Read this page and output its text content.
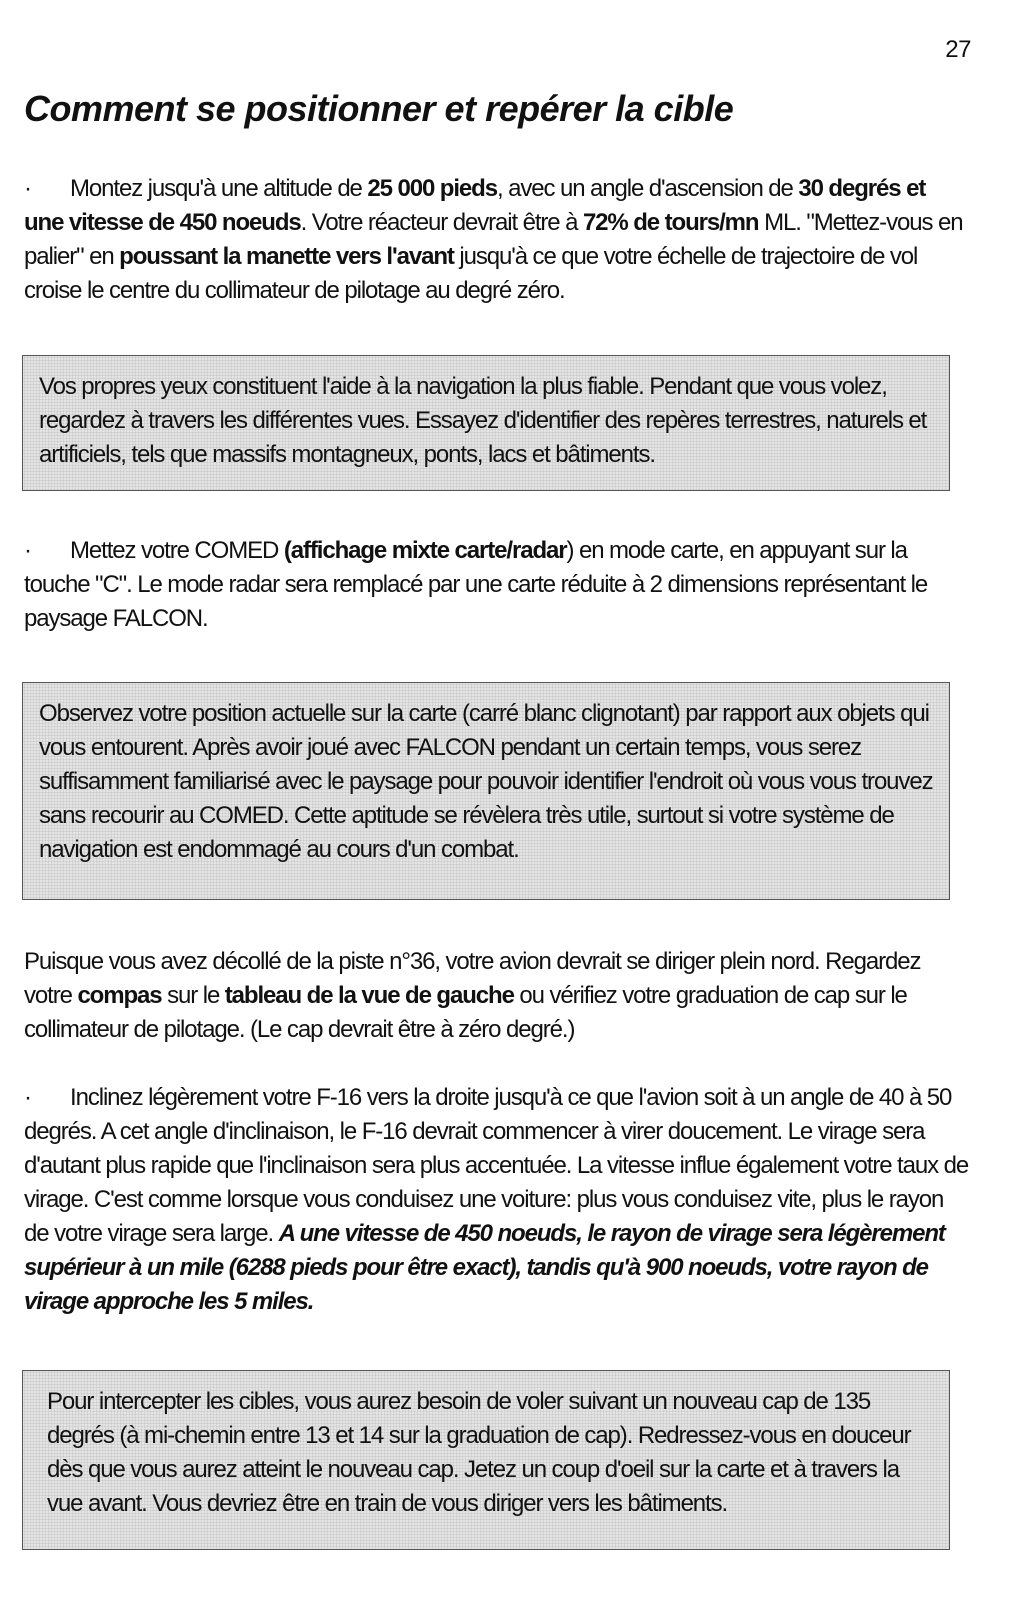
27
Comment se positionner et repérer la cible

· Montez jusqu'à une altitude de 25 000 pieds, avec un angle d'ascension de 30 degrés et une vitesse de 450 noeuds. Votre réacteur devrait être à 72% de tours/mn ML. "Mettez-vous en palier" en poussant la manette vers l'avant jusqu'à ce que votre échelle de trajectoire de vol croise le centre du collimateur de pilotage au degré zéro.

Vos propres yeux constituent l'aide à la navigation la plus fiable. Pendant que vous volez, regardez à travers les différentes vues. Essayez d'identifier des repères terrestres, naturels et artificiels, tels que massifs montagneux, ponts, lacs et bâtiments.

· Mettez votre COMED (affichage mixte carte/radar) en mode carte, en appuyant sur la touche "C". Le mode radar sera remplacé par une carte réduite à 2 dimensions représentant le paysage FALCON.

Observez votre position actuelle sur la carte (carré blanc clignotant) par rapport aux objets qui vous entourent. Après avoir joué avec FALCON pendant un certain temps, vous serez suffisamment familiarisé avec le paysage pour pouvoir identifier l'endroit où vous vous trouvez sans recourir au COMED. Cette aptitude se révèlera très utile, surtout si votre système de navigation est endommagé au cours d'un combat.

Puisque vous avez décollé de la piste n°36, votre avion devrait se diriger plein nord. Regardez votre compas sur le tableau de la vue de gauche ou vérifiez votre graduation de cap sur le collimateur de pilotage. (Le cap devrait être à zéro degré.)

· Inclinez légèrement votre F-16 vers la droite jusqu'à ce que l'avion soit à un angle de 40 à 50 degrés. A cet angle d'inclinaison, le F-16 devrait commencer à virer doucement. Le virage sera d'autant plus rapide que l'inclinaison sera plus accentuée. La vitesse influe également votre taux de virage. C'est comme lorsque vous conduisez une voiture: plus vous conduisez vite, plus le rayon de votre virage sera large. A une vitesse de 450 noeuds, le rayon de virage sera légèrement supérieur à un mile (6288 pieds pour être exact), tandis qu'à 900 noeuds, votre rayon de virage approche les 5 miles.

Pour intercepter les cibles, vous aurez besoin de voler suivant un nouveau cap de 135 degrés (à mi-chemin entre 13 et 14 sur la graduation de cap). Redressez-vous en douceur dès que vous aurez atteint le nouveau cap. Jetez un coup d'oeil sur la carte et à travers la vue avant. Vous devriez être en train de vous diriger vers les bâtiments.
